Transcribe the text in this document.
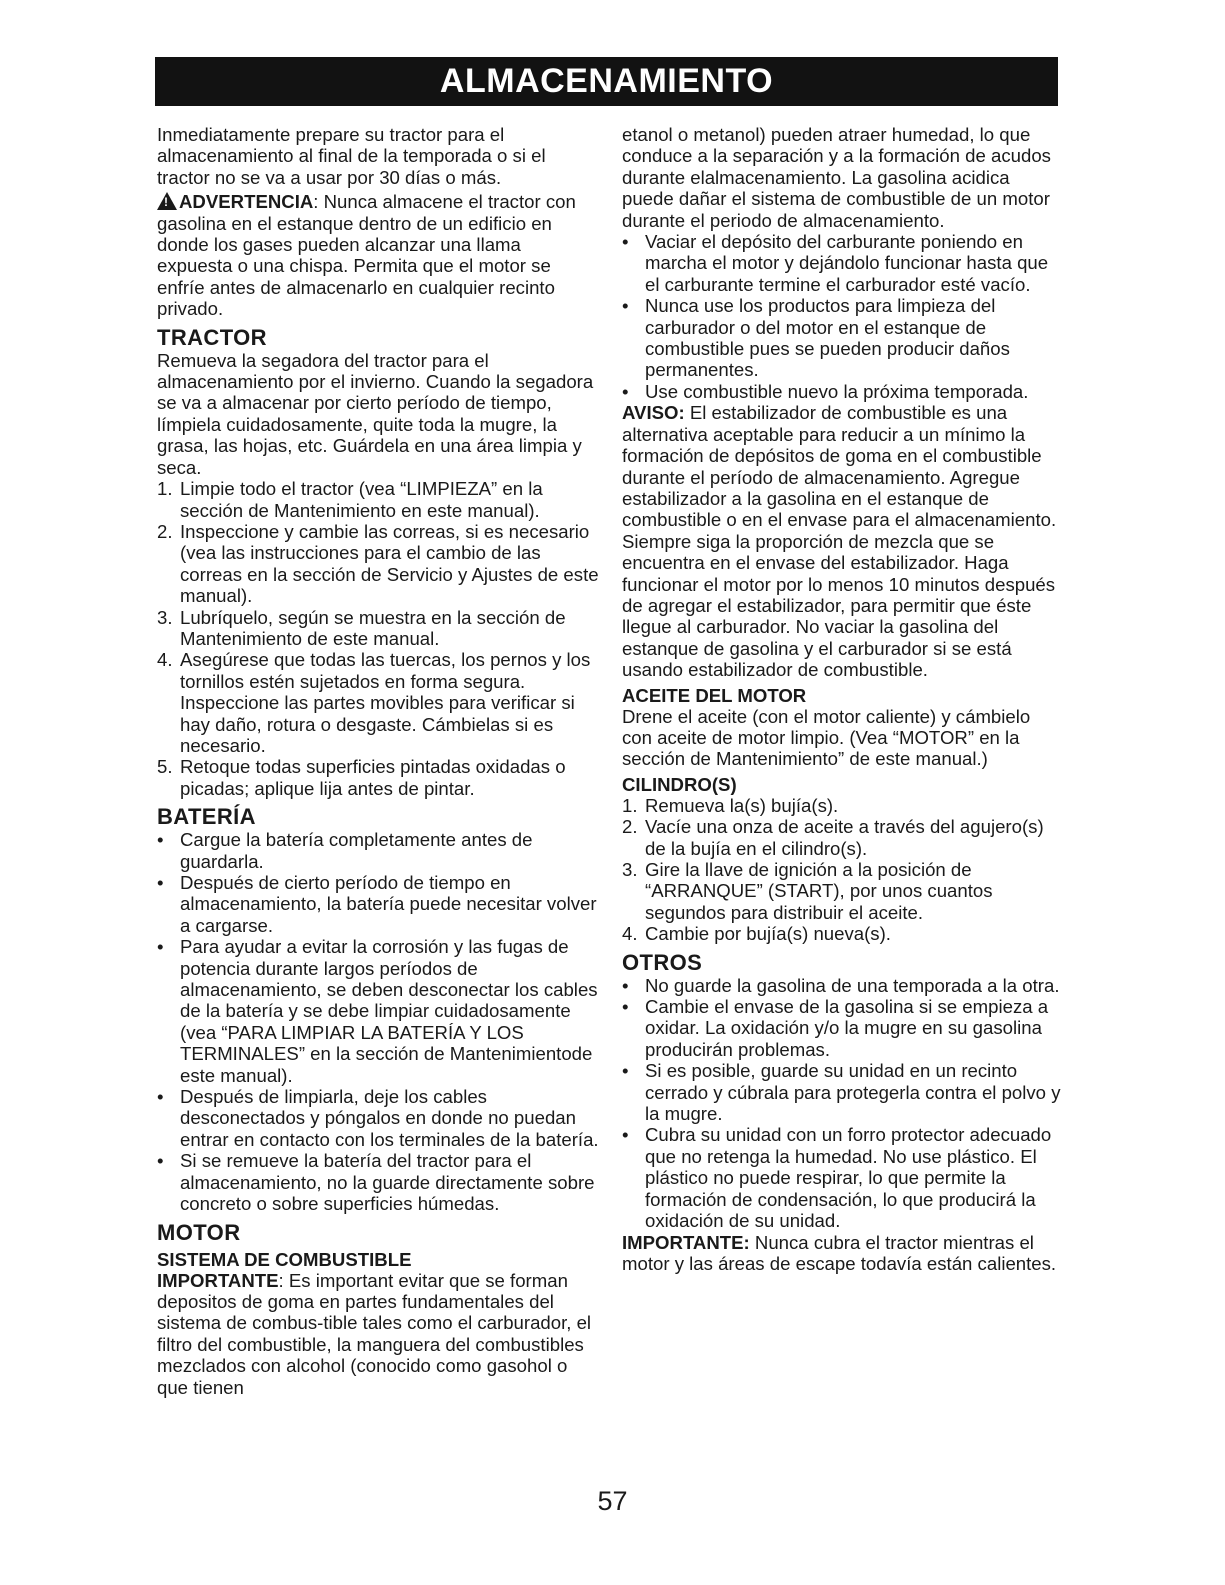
ALMACENAMIENTO

Inmediatamente prepare su tractor para el almacenamiento al final de la temporada o si el tractor no se va a usar por 30 días o más.

!ADVERTENCIA: Nunca almacene el tractor con gasolina en el estanque dentro de un edificio en donde los gases pueden alcanzar una llama expuesta o una chispa. Permita que el motor se enfríe antes de almacenarlo en cualquier recinto privado.

TRACTOR

Remueva la segadora del tractor para el almacenamiento por el invierno. Cuando la segadora se va a almacenar por cierto período de tiempo, límpiela cuidadosamente, quite toda la mugre, la grasa, las hojas, etc. Guárdela en una área limpia y seca.

1. Limpie todo el tractor (vea “LIMPIEZA” en la sección de Mantenimiento en este manual).
2. Inspeccione y cambie las correas, si es necesario (vea las instrucciones para el cambio de las correas en la sección de Servicio y Ajustes de este manual).
3. Lubríquelo, según se muestra en la sección de Mantenimiento de este manual.
4. Asegúrese que todas las tuercas, los pernos y los tornillos estén sujetados en forma segura. Inspeccione las partes movibles para verificar si hay daño, rotura o desgaste. Cámbielas si es necesario.
5. Retoque todas superficies pintadas oxidadas o picadas; aplique lija antes de pintar.
BATERÍA
• Cargue la batería completamente antes de guardarla.
• Después de cierto período de tiempo en almacenamiento, la batería puede necesitar volver a cargarse.
• Para ayudar a evitar la corrosión y las fugas de potencia durante largos períodos de almacenamiento, se deben desconectar los cables de la batería y se debe limpiar cuidadosamente (vea “PARA LIMPIAR LA BATERÍA Y LOS TERMINALES” en la sección de Mantenimientode este manual).
• Después de limpiarla, deje los cables desconectados y póngalos en donde no puedan entrar en contacto con los terminales de la batería.
• Si se remueve la batería del tractor para el almacenamiento, no la guarde directamente sobre concreto o sobre superficies húmedas.
MOTOR
SISTEMA DE COMBUSTIBLE

IMPORTANTE: Es important evitar que se forman depositos de goma en partes fundamentales del sistema de combus-tible tales como el carburador, el filtro del combustible, la manguera del combustibles mezclados con alcohol (conocido como gasohol o que tienen

etanol o metanol) pueden atraer humedad, lo que conduce a la separación y a la formación de acudos durante elalmacenamiento. La gasolina acidica puede dañar el sistema de combustible de un motor durante el periodo de almacenamiento.

• Vaciar el depósito del carburante poniendo en marcha el motor y dejándolo funcionar hasta que el carburante termine el carburador esté vacío.
• Nunca use los productos para limpieza del carburador o del motor en el estanque de combustible pues se pueden producir daños permanentes.
• Use combustible nuevo la próxima temporada.

AVISO: El estabilizador de combustible es una alternativa aceptable para reducir a un mínimo la formación de depósitos de goma en el combustible durante el período de almacenamiento. Agregue estabilizador a la gasolina en el estanque de combustible o en el envase para el almacenamiento. Siempre siga la proporción de mezcla que se encuentra en el envase del estabilizador. Haga funcionar el motor por lo menos 10 minutos después de agregar el estabilizador, para permitir que éste llegue al carburador. No vaciar la gasolina del estanque de gasolina y el carburador si se está usando estabilizador de combustible.

ACEITE DEL MOTOR

Drene el aceite (con el motor caliente) y cámbielo con aceite de motor limpio. (Vea “MOTOR” en la sección de Mantenimiento” de este manual.)

CILINDRO(S)
1. Remueva la(s) bujía(s).
2. Vacíe una onza de aceite a través del agujero(s) de la bujía en el cilindro(s).
3. Gire la llave de ignición a la posición de “ARRANQUE” (START), por unos cuantos segundos para distribuir el aceite.
4. Cambie por bujía(s) nueva(s).
OTROS
• No guarde la gasolina de una temporada a la otra.
• Cambie el envase de la gasolina si se empieza a oxidar. La oxidación y/o la mugre en su gasolina producirán problemas.
• Si es posible, guarde su unidad en un recinto cerrado y cúbrala para protegerla contra el polvo y la mugre.
• Cubra su unidad con un forro protector adecuado que no retenga la humedad. No use plástico. El plástico no puede respirar, lo que permite la formación de condensación, lo que producirá la oxidación de su unidad.

IMPORTANTE: Nunca cubra el tractor mientras el motor y las áreas de escape todavía están calientes.

57
